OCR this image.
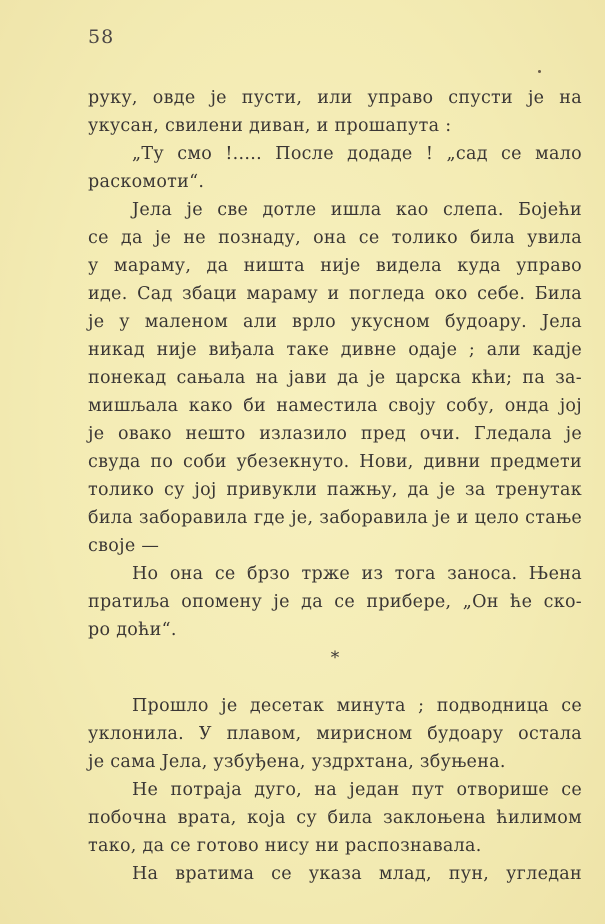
58
руку, овде је пусти, или управо спусти је на
укусан, свилени диван, и прошапута :
„Ту смо !..... После додаде ! „сад се мало
раскомоти“.
Јела је све дотле ишла као слепа. Бојећи
се да је не познаду, она се толико била увила
у мараму, да ништа није видела куда управо
иде. Сад збаци мараму и погледа око себе. Била
је у маленом али врло укусном будоару. Јела
никад није виђала таке дивне одаје ; али кадје
понекад сањала на јави да је царска кћи; па за-
мишљала како би наместила своју собу, онда јој
је овако нешто излазило пред очи. Гледала је
свуда по соби убезекнуто. Нови, дивни предмети
толико су јој привукли пажњу, да је за тренутак
била заборавила где је, заборавила је и цело стање
своје —
Но она се брзо трже из тога заноса. Њена
пратиља опомену је да се прибере, „Он ће ско-
ро доћи“.
*
Прошло је десетак минута ; подводница се
уклонила. У плавом, мирисном будоару остала
је сама Јела, узбуђена, уздрхтана, збуњена.
Не потраја дуго, на један пут отворише се
побочна врата, која су била заклоњена ћилимом
тако, да се готово нису ни распознавала.
На вратима се указа млад, пун, угледан
